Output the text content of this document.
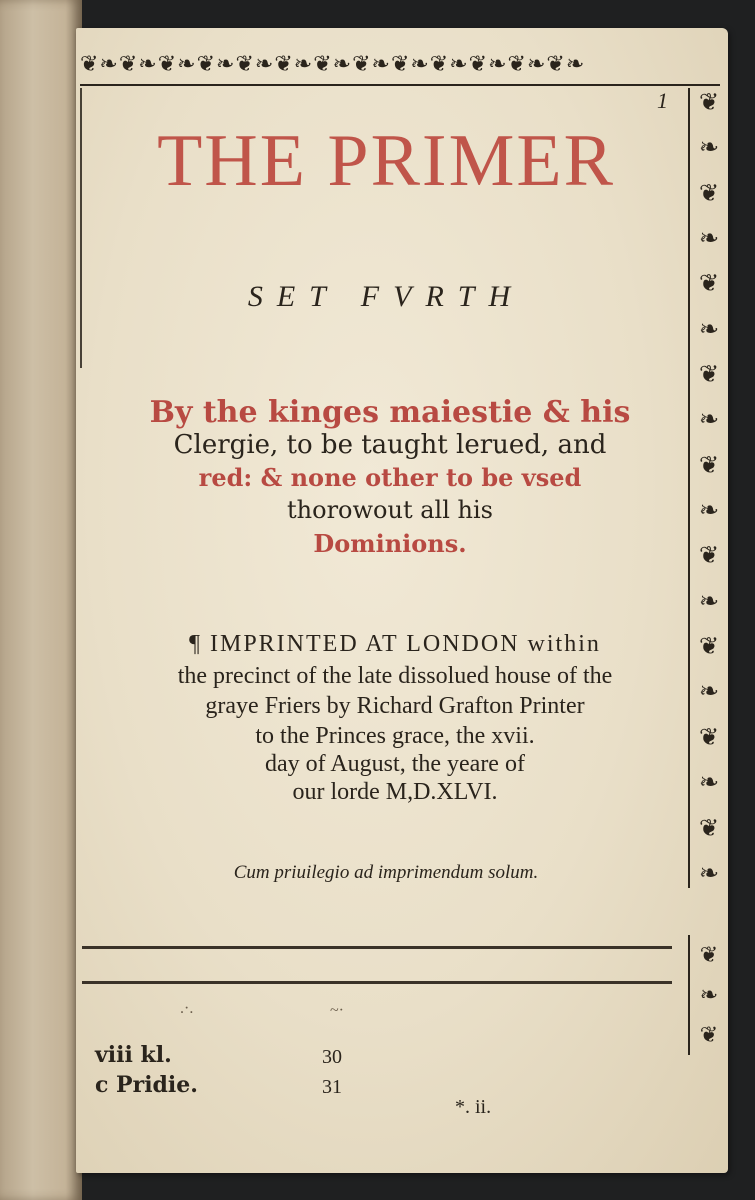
❦❧❦❧❦❧❦❧❦❧❦❧❦❧❦❧❦❧❦❧❦❧❦❧❦❧
❦
❧
❦
❧
❦
❧
❦
❧
❦
❧
❦
❧
❦
❧
❦
❧
❦
❧
❦
❧
❦
1
THE PRIMER
SET FVRTH
By the kinges maiestie & his
Clergie, to be taught lerued, and
red: & none other to be vsed
thorowout all his
Dominions.
¶ IMPRINTED AT LONDON within
the precinct of the late dissolued house of the
graye Friers by Richard Grafton Printer
to the Princes grace, the xvii.
day of August, the yeare of
our lorde M,D.XLVI.
Cum priuilegio ad imprimendum solum.
.·.	~·
viii kl.	30
c Pridie.	31
*. ii.
